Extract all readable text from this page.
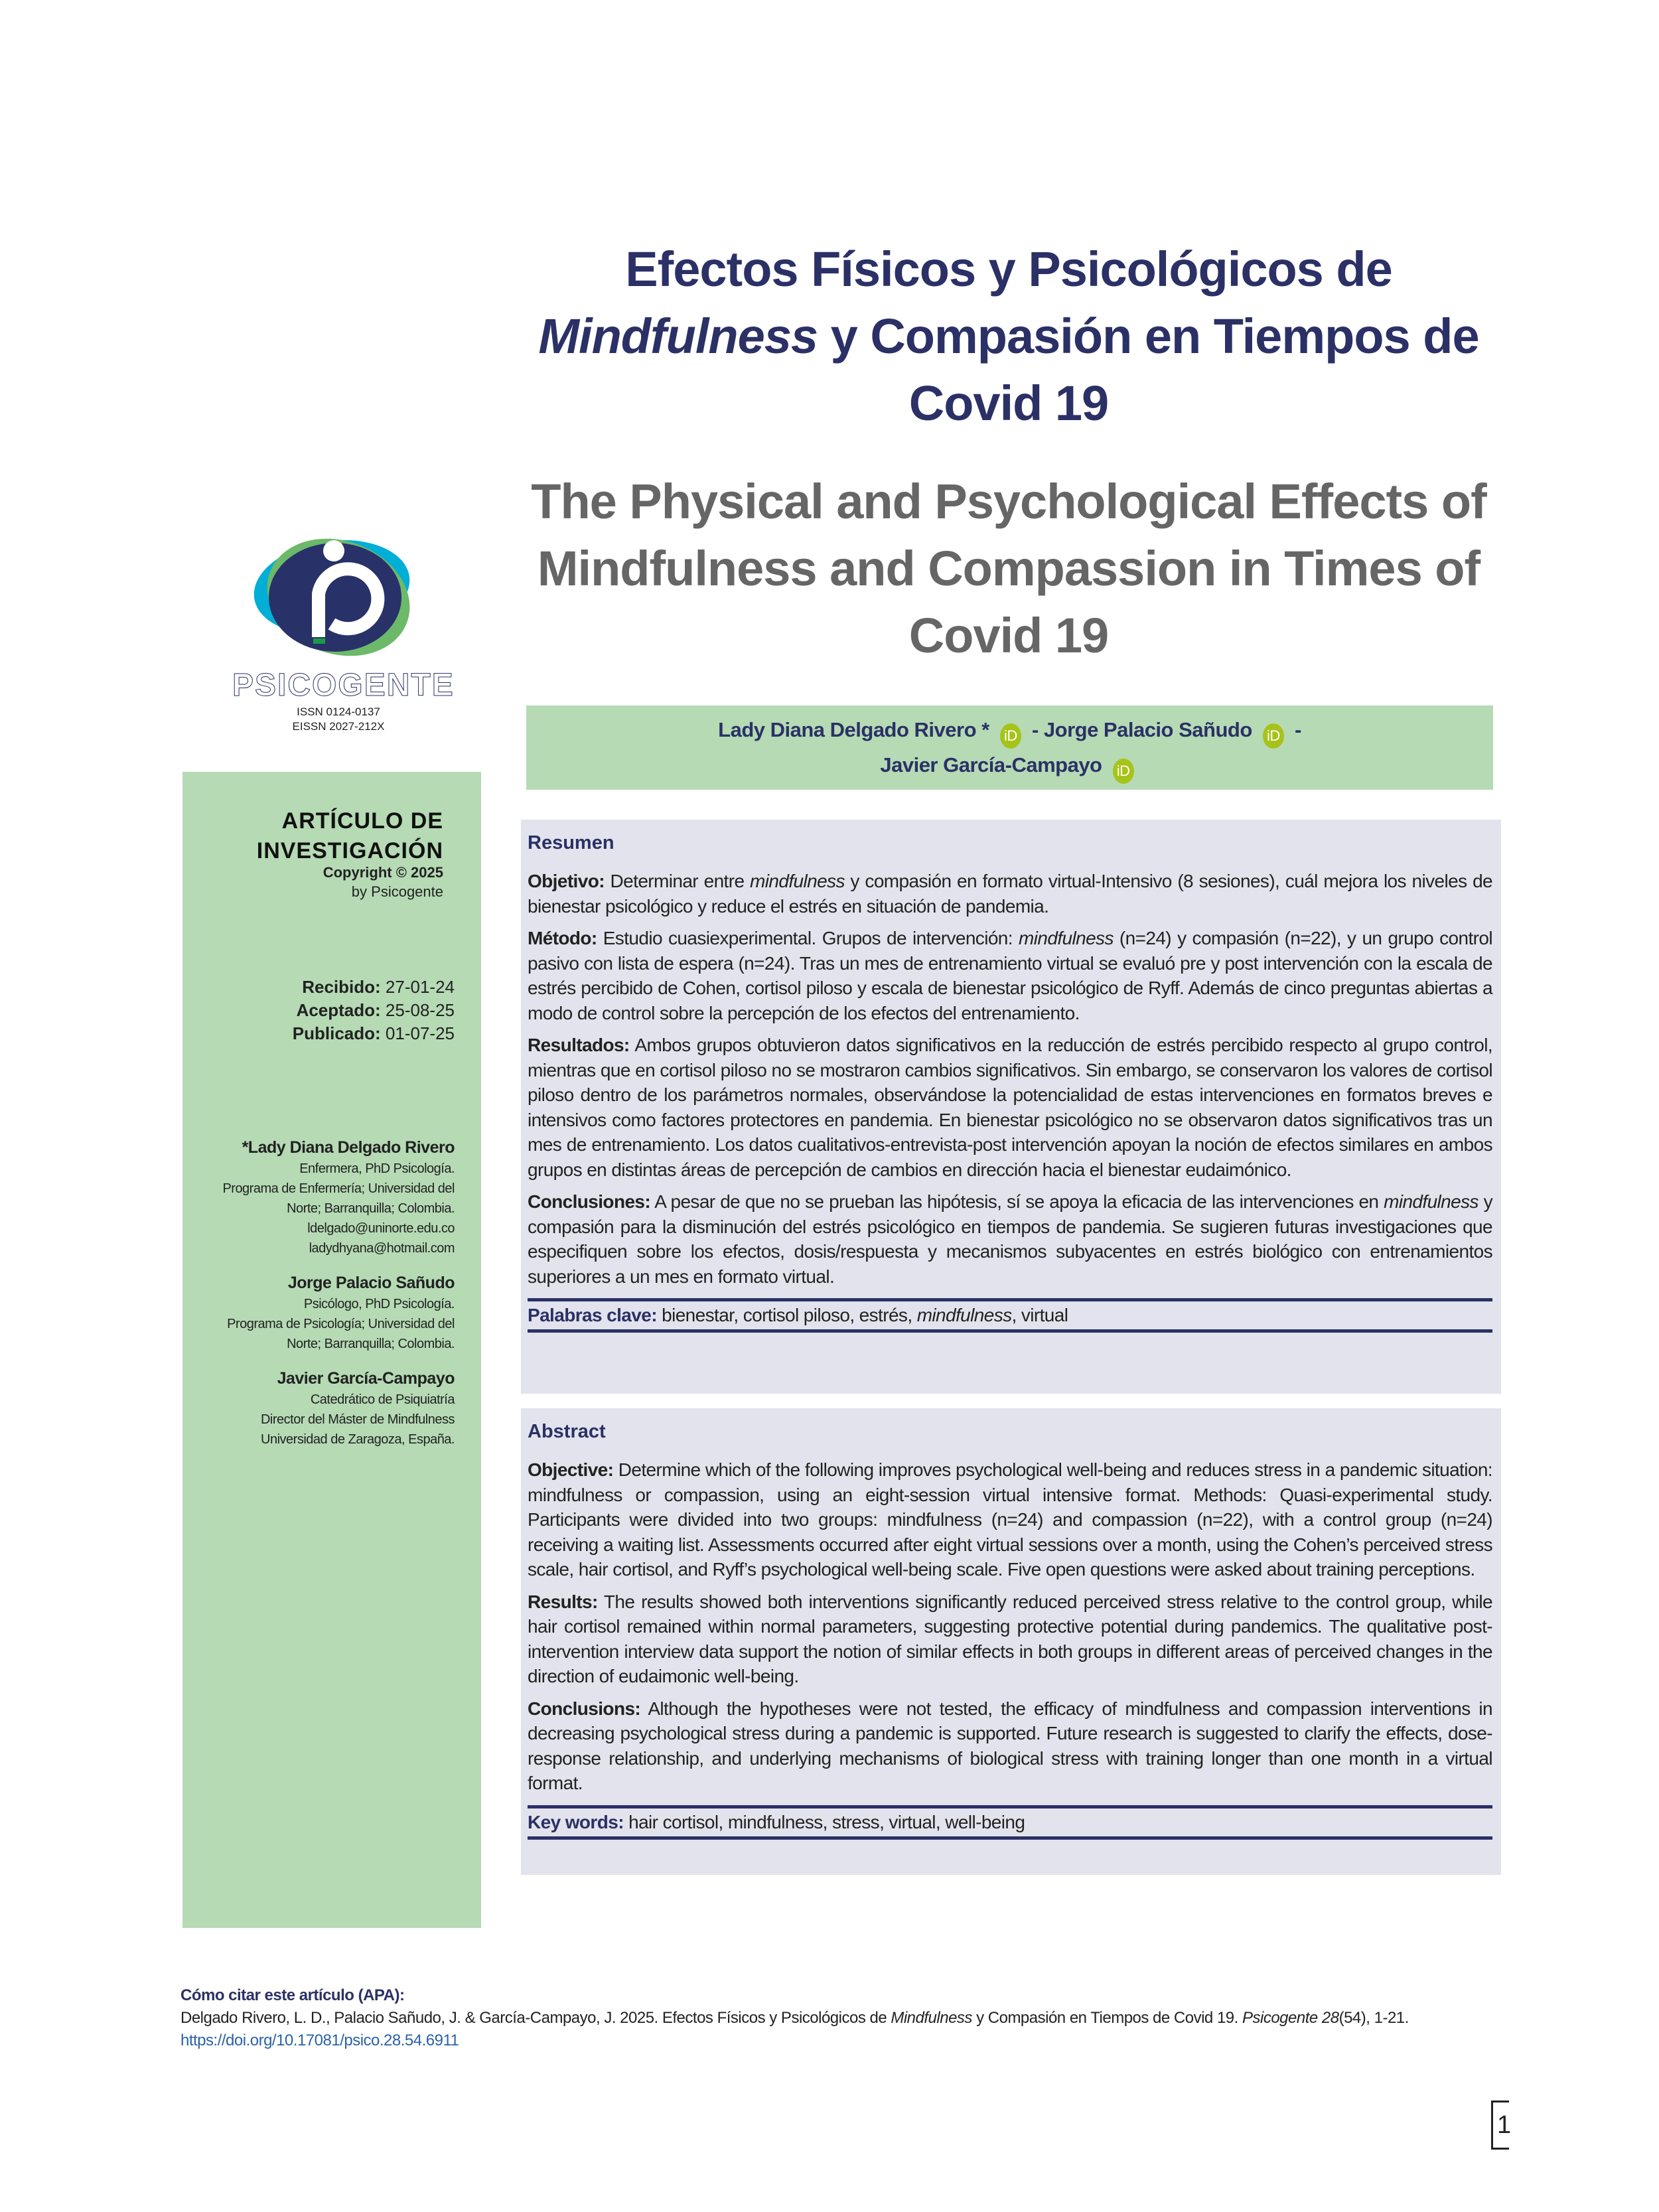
Efectos Físicos y Psicológicos de
Mindfulness y Compasión en Tiempos de
Covid 19
The Physical and Psychological Effects of
Mindfulness and Compassion in Times of
Covid 19
PSICOGENTE
ISSN 0124-0137
EISSN 2027-212X
ARTÍCULO DE
INVESTIGACIÓN
Copyright © 2025
by Psicogente
Recibido: 27-01-24
Aceptado: 25-08-25
Publicado: 01-07-25
*Lady Diana Delgado Rivero
Enfermera, PhD Psicología.
Programa de Enfermería; Universidad del
Norte; Barranquilla; Colombia.
ldelgado@uninorte.edu.co
ladydhyana@hotmail.com
Jorge Palacio Sañudo
Psicólogo, PhD Psicología.
Programa de Psicología; Universidad del
Norte; Barranquilla; Colombia.
Javier García-Campayo
Catedrático de Psiquiatría
Director del Máster de Mindfulness
Universidad de Zaragoza, España.
Lady Diana Delgado Rivero * iD - Jorge Palacio Sañudo iD -
Javier García-Campayo iD
Resumen

Objetivo: Determinar entre mindfulness y compasión en formato virtual-Intensivo (8 sesiones), cuál mejora los niveles de bienestar psicológico y reduce el estrés en situación de pandemia.

Método: Estudio cuasiexperimental. Grupos de intervención: mindfulness (n=24) y compasión (n=22), y un grupo control pasivo con lista de espera (n=24). Tras un mes de entrenamiento virtual se evaluó pre y post intervención con la escala de estrés percibido de Cohen, cortisol piloso y escala de bienestar psicológico de Ryff. Además de cinco preguntas abiertas a modo de control sobre la percepción de los efectos del entrenamiento.

Resultados: Ambos grupos obtuvieron datos significativos en la reducción de estrés percibido respecto al grupo control, mientras que en cortisol piloso no se mostraron cambios significativos. Sin embargo, se conservaron los valores de cortisol piloso dentro de los parámetros normales, observándose la potencialidad de estas intervenciones en formatos breves e intensivos como factores protectores en pandemia. En bienestar psicológico no se observaron datos significativos tras un mes de entrenamiento. Los datos cualitativos-entrevista-post intervención apoyan la noción de efectos similares en ambos grupos en distintas áreas de percepción de cambios en dirección hacia el bienestar eudaimónico.

Conclusiones: A pesar de que no se prueban las hipótesis, sí se apoya la eficacia de las intervenciones en mindfulness y compasión para la disminución del estrés psicológico en tiempos de pandemia. Se sugieren futuras investigaciones que especifiquen sobre los efectos, dosis/respuesta y mecanismos subyacentes en estrés biológico con entrenamientos superiores a un mes en formato virtual.

Palabras clave: bienestar, cortisol piloso, estrés, mindfulness, virtual
Abstract

Objective: Determine which of the following improves psychological well-being and reduces stress in a pandemic situation: mindfulness or compassion, using an eight-session virtual intensive format. Methods: Quasi-experimental study. Participants were divided into two groups: mindfulness (n=24) and compassion (n=22), with a control group (n=24) receiving a waiting list. Assessments occurred after eight virtual sessions over a month, using the Cohen’s perceived stress scale, hair cortisol, and Ryff’s psychological well-being scale. Five open questions were asked about training perceptions.

Results: The results showed both interventions significantly reduced perceived stress relative to the control group, while hair cortisol remained within normal parameters, suggesting protective potential during pandemics. The qualitative post-intervention interview data support the notion of similar effects in both groups in different areas of perceived changes in the direction of eudaimonic well-being.

Conclusions: Although the hypotheses were not tested, the efficacy of mindfulness and compassion interventions in decreasing psychological stress during a pandemic is supported. Future research is suggested to clarify the effects, dose-response relationship, and underlying mechanisms of biological stress with training longer than one month in a virtual format.

Key words: hair cortisol, mindfulness, stress, virtual, well-being
Cómo citar este artículo (APA):
Delgado Rivero, L. D., Palacio Sañudo, J. & García-Campayo, J. 2025. Efectos Físicos y Psicológicos de Mindfulness y Compasión en Tiempos de Covid 19. Psicogente 28(54), 1-21. https://doi.org/10.17081/psico.28.54.6911
1
